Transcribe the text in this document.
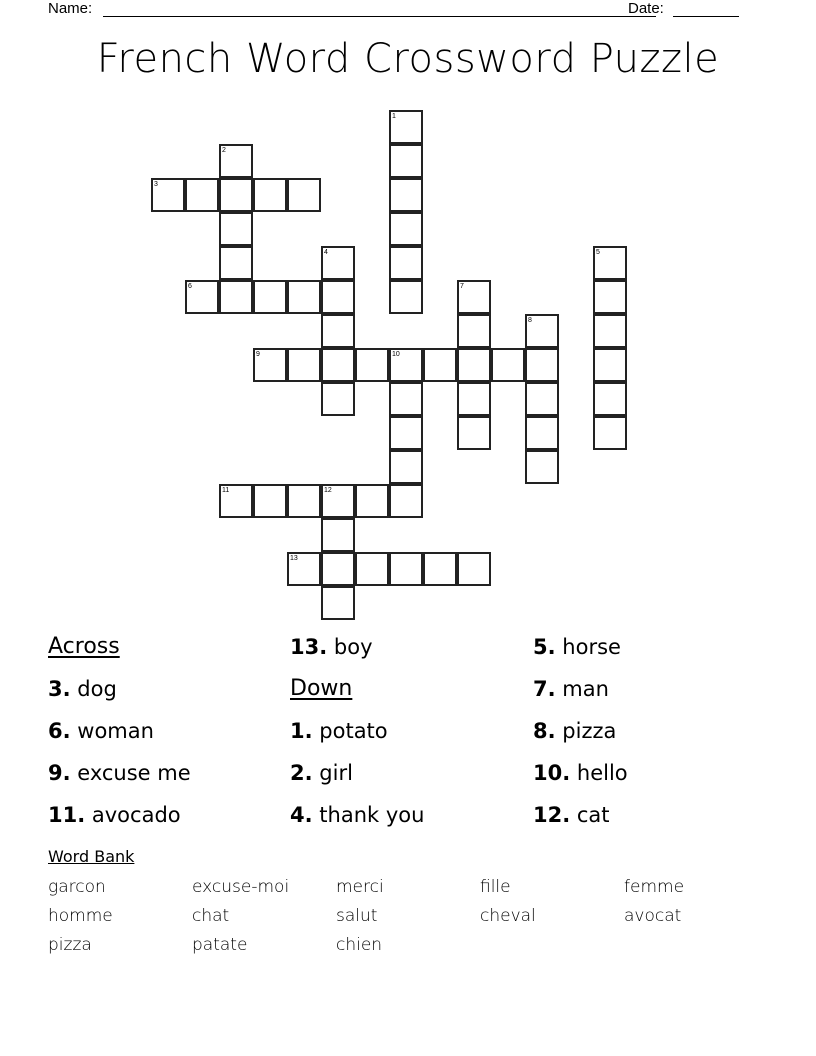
Name:	Date:
French Word Crossword Puzzle
1
2
3
4	5
6	7
8
9	10
11	12
13
Across
3. dog
6. woman
9. excuse me
11. avocado
13. boy
Down
1. potato
2. girl
4. thank you
5. horse
7. man
8. pizza
10. hello
12. cat
Word Bank
garcon	excuse-moi	merci	fille	femme
homme	chat	salut	cheval	avocat
pizza	patate	chien
